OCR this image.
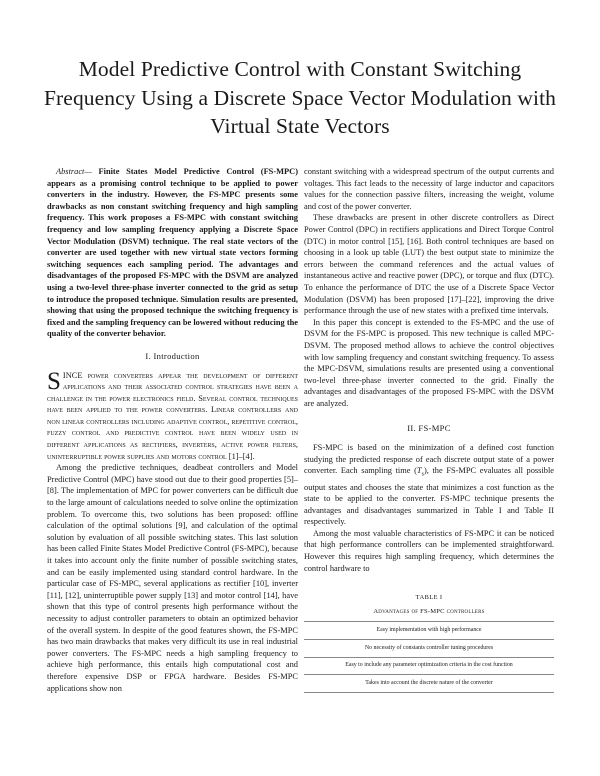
Model Predictive Control with Constant Switching Frequency Using a Discrete Space Vector Modulation with Virtual State Vectors

Abstract— Finite States Model Predictive Control (FS-MPC) appears as a promising control technique to be applied to power converters in the industry. However, the FS-MPC presents some drawbacks as non constant switching frequency and high sampling frequency. This work proposes a FS-MPC with constant switching frequency and low sampling frequency applying a Discrete Space Vector Modulation (DSVM) technique. The real state vectors of the converter are used together with new virtual state vectors forming switching sequences each sampling period. The advantages and disadvantages of the proposed FS-MPC with the DSVM are analyzed using a two-level three-phase inverter connected to the grid as setup to introduce the proposed technique. Simulation results are presented, showing that using the proposed technique the switching frequency is fixed and the sampling frequency can be lowered without reducing the quality of the converter behavior.

I. Introduction

SINCE power converters appear the development of different applications and their associated control strategies have been a challenge in the power electronics field. Several control techniques have been applied to the power converters. Linear controllers and non linear controllers including adaptive control, repetitive control, fuzzy control and predictive control have been widely used in different applications as rectifiers, inverters, active power filters, uninterruptible power supplies and motors control [1]–[4].

Among the predictive techniques, deadbeat controllers and Model Predictive Control (MPC) have stood out due to their good properties [5]–[8]. The implementation of MPC for power converters can be difficult due to the large amount of calculations needed to solve online the optimization problem. To overcome this, two solutions has been proposed: offline calculation of the optimal solutions [9], and calculation of the optimal solution by evaluation of all possible switching states. This last solution has been called Finite States Model Predictive Control (FS-MPC), because it takes into account only the finite number of possible switching states, and can be easily implemented using standard control hardware. In the particular case of FS-MPC, several applications as rectifier [10], inverter [11], [12], uninterruptible power supply [13] and motor control [14], have shown that this type of control presents high performance without the necessity to adjust controller parameters to obtain an optimized behavior of the overall system. In despite of the good features shown, the FS-MPC has two main drawbacks that makes very difficult its use in real industrial power converters. The FS-MPC needs a high sampling frequency to achieve high performance, this entails high computational cost and therefore expensive DSP or FPGA hardware. Besides FS-MPC applications show non

constant switching with a widespread spectrum of the output currents and voltages. This fact leads to the necessity of large inductor and capacitors values for the connection passive filters, increasing the weight, volume and cost of the power converter.

These drawbacks are present in other discrete controllers as Direct Power Control (DPC) in rectifiers applications and Direct Torque Control (DTC) in motor control [15], [16]. Both control techniques are based on choosing in a look up table (LUT) the best output state to minimize the errors between the command references and the actual values of instantaneous active and reactive power (DPC), or torque and flux (DTC). To enhance the performance of DTC the use of a Discrete Space Vector Modulation (DSVM) has been proposed [17]–[22], improving the drive performance through the use of new states with a prefixed time intervals.

In this paper this concept is extended to the FS-MPC and the use of DSVM for the FS-MPC is proposed. This new technique is called MPC-DSVM. The proposed method allows to achieve the control objectives with low sampling frequency and constant switching frequency. To assess the MPC-DSVM, simulations results are presented using a conventional two-level three-phase inverter connected to the grid. Finally the advantages and disadvantages of the proposed FS-MPC with the DSVM are analyzed.

II. FS-MPC

FS-MPC is based on the minimization of a defined cost function studying the predicted response of each discrete output state of a power converter. Each sampling time $(T_s)$, the FS-MPC evaluates all possible output states and chooses the state that minimizes a cost function as the state to be applied to the converter. FS-MPC technique presents the advantages and disadvantages summarized in Table I and Table II respectively.

Among the most valuable characteristics of FS-MPC it can be noticed that high performance controllers can be implemented straightforward. However this requires high sampling frequency, which determines the control hardware to

TABLE I
Advantages of FS-MPC controllers
Easy implementation with high performance
No necessity of constants controller tuning procedures
Easy to include any parameter optimization criteria in the cost function
Takes into account the discrete nature of the converter
